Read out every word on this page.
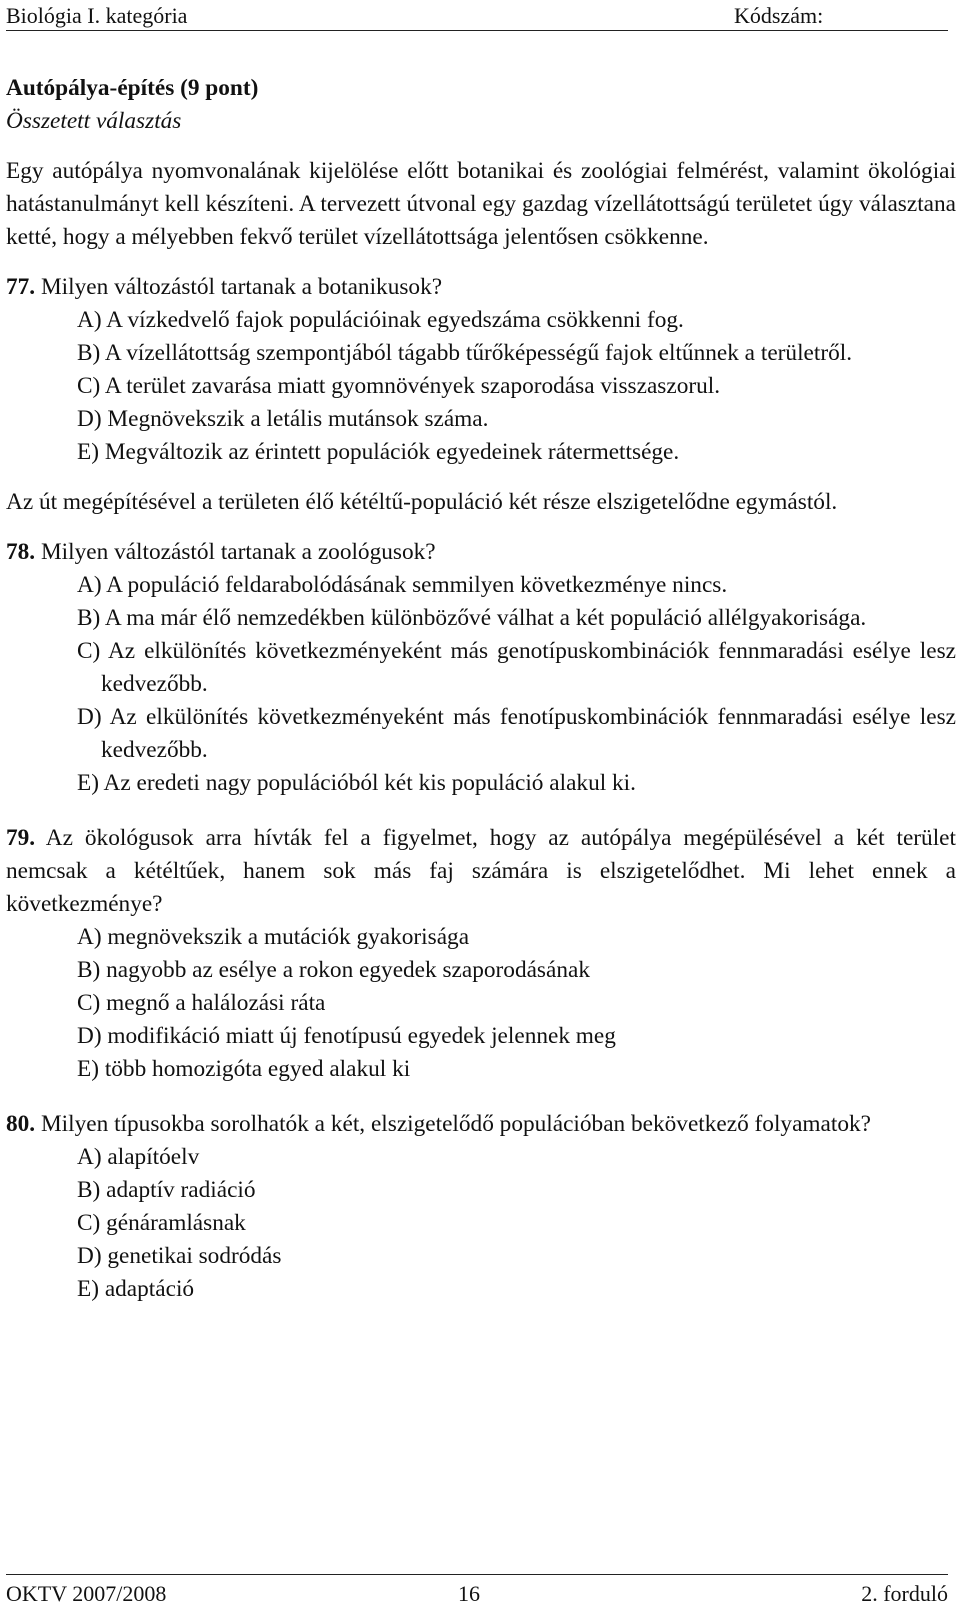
Biológia I. kategória	Kódszám:

Autópálya-építés (9 pont)

Összetett választás

Egy autópálya nyomvonalának kijelölése előtt botanikai és zoológiai felmérést, valamint ökológiai hatástanulmányt kell készíteni. A tervezett útvonal egy gazdag vízellátottságú területet úgy választana ketté, hogy a mélyebben fekvő terület vízellátottsága jelentősen csökkenne.

77. Milyen változástól tartanak a botanikusok?

A) A vízkedvelő fajok populációinak egyedszáma csökkenni fog.
B) A vízellátottság szempontjából tágabb tűrőképességű fajok eltűnnek a területről.
C) A terület zavarása miatt gyomnövények szaporodása visszaszorul.
D) Megnövekszik a letális mutánsok száma.
E) Megváltozik az érintett populációk egyedeinek rátermettsége.

Az út megépítésével a területen élő kétéltű-populáció két része elszigetelődne egymástól.

78. Milyen változástól tartanak a zoológusok?

A) A populáció feldarabolódásának semmilyen következménye nincs.
B) A ma már élő nemzedékben különbözővé válhat a két populáció allélgyakorisága.
C) Az elkülönítés következményeként más genotípuskombinációk fennmaradási esélye lesz kedvezőbb.
D) Az elkülönítés következményeként más fenotípuskombinációk fennmaradási esélye lesz kedvezőbb.
E) Az eredeti nagy populációból két kis populáció alakul ki.

79. Az ökológusok arra hívták fel a figyelmet, hogy az autópálya megépülésével a két terület nemcsak a kétéltűek, hanem sok más faj számára is elszigetelődhet. Mi lehet ennek a következménye?

A) megnövekszik a mutációk gyakorisága
B) nagyobb az esélye a rokon egyedek szaporodásának
C) megnő a halálozási ráta
D) modifikáció miatt új fenotípusú egyedek jelennek meg
E) több homozigóta egyed alakul ki

80. Milyen típusokba sorolhatók a két, elszigetelődő populációban bekövetkező folyamatok?

A) alapítóelv
B) adaptív radiáció
C) génáramlásnak
D) genetikai sodródás
E) adaptáció
OKTV 2007/2008	16	2. forduló
